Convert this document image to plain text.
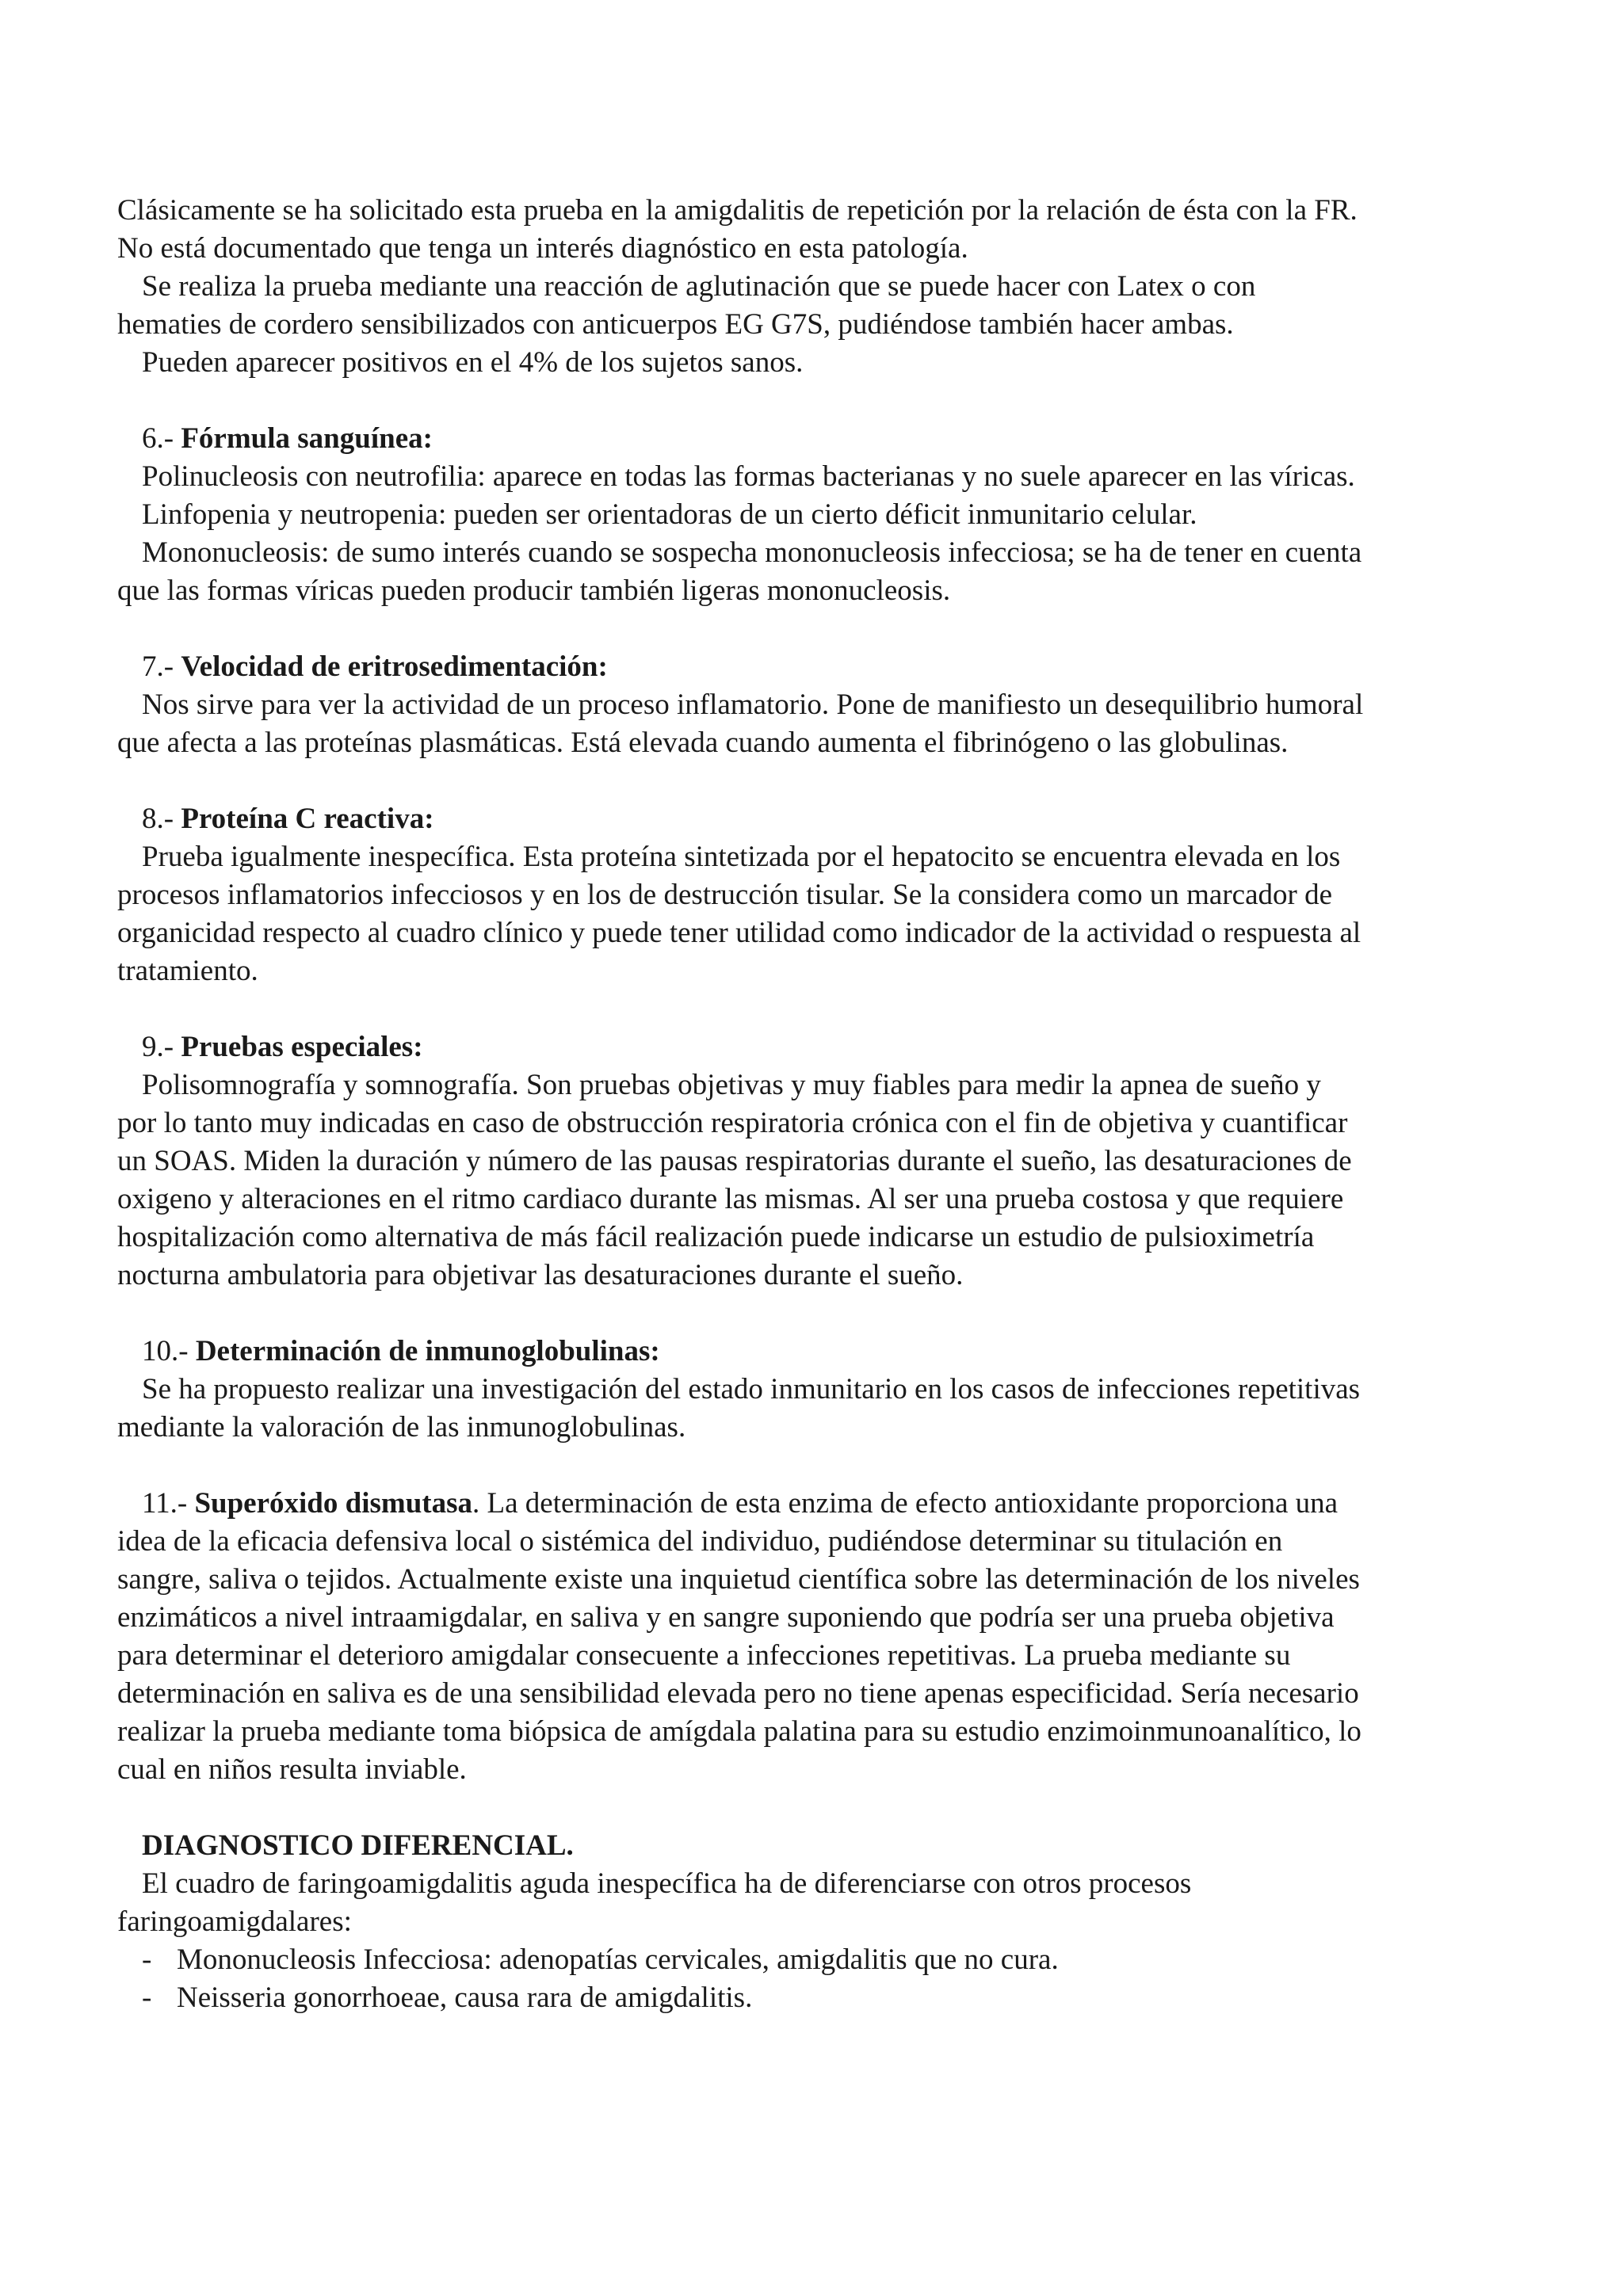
Clásicamente se ha solicitado esta prueba en la amigdalitis de repetición por la relación de ésta con la FR.

No está documentado que tenga un interés diagnóstico en esta patología.

Se realiza la prueba mediante una reacción de aglutinación que se puede hacer con Latex o con

hematies de cordero sensibilizados con anticuerpos EG G7S, pudiéndose también hacer ambas.

Pueden aparecer positivos en el 4% de los sujetos sanos.

6.- Fórmula sanguínea:

Polinucleosis con neutrofilia: aparece en todas las formas bacterianas y no suele aparecer en las víricas.

Linfopenia y neutropenia: pueden ser orientadoras de un cierto déficit inmunitario celular.

Mononucleosis: de sumo interés cuando se sospecha mononucleosis infecciosa; se ha de tener en cuenta

que las formas víricas pueden producir también ligeras mononucleosis.

7.- Velocidad de eritrosedimentación:

Nos sirve para ver la actividad de un proceso inflamatorio. Pone de manifiesto un desequilibrio humoral

que afecta a las proteínas plasmáticas. Está elevada cuando aumenta el fibrinógeno o las globulinas.

8.- Proteína C reactiva:

Prueba igualmente inespecífica. Esta proteína sintetizada por el hepatocito se encuentra elevada en los

procesos inflamatorios infecciosos y en los de destrucción tisular. Se la considera como un marcador de

organicidad respecto al cuadro clínico y puede tener utilidad como indicador de la actividad o respuesta al

tratamiento.

9.- Pruebas especiales:

Polisomnografía y somnografía. Son pruebas objetivas y muy fiables para medir la apnea de sueño y

por lo tanto muy indicadas en caso de obstrucción respiratoria crónica con el fin de objetiva y cuantificar

un SOAS. Miden la duración y número de las pausas respiratorias durante el sueño, las desaturaciones de

oxigeno y alteraciones en el ritmo cardiaco durante las mismas. Al ser una prueba costosa y que requiere

hospitalización como alternativa de más fácil realización puede indicarse un estudio de pulsioximetría

nocturna ambulatoria para objetivar las desaturaciones durante el sueño.

10.- Determinación de inmunoglobulinas:

Se ha propuesto realizar una investigación del estado inmunitario en los casos de infecciones repetitivas

mediante la valoración de las inmunoglobulinas.

11.- Superóxido dismutasa. La determinación de esta enzima de efecto antioxidante proporciona una

idea de la eficacia defensiva local o sistémica del individuo, pudiéndose determinar su titulación en

sangre, saliva o tejidos. Actualmente existe una inquietud científica sobre las determinación de los niveles

enzimáticos a nivel intraamigdalar, en saliva y en sangre suponiendo que podría ser una prueba objetiva

para determinar el deterioro amigdalar consecuente a infecciones repetitivas. La prueba mediante su

determinación en saliva es de una sensibilidad elevada pero no tiene apenas especificidad. Sería necesario

realizar la prueba mediante toma biópsica de amígdala palatina para su estudio enzimoinmunoanalítico, lo

cual en niños resulta inviable.

DIAGNOSTICO DIFERENCIAL.

El cuadro de faringoamigdalitis aguda inespecífica ha de diferenciarse con otros procesos

faringoamigdalares:

- Mononucleosis Infecciosa: adenopatías cervicales, amigdalitis que no cura.
- Neisseria gonorrhoeae, causa rara de amigdalitis.
